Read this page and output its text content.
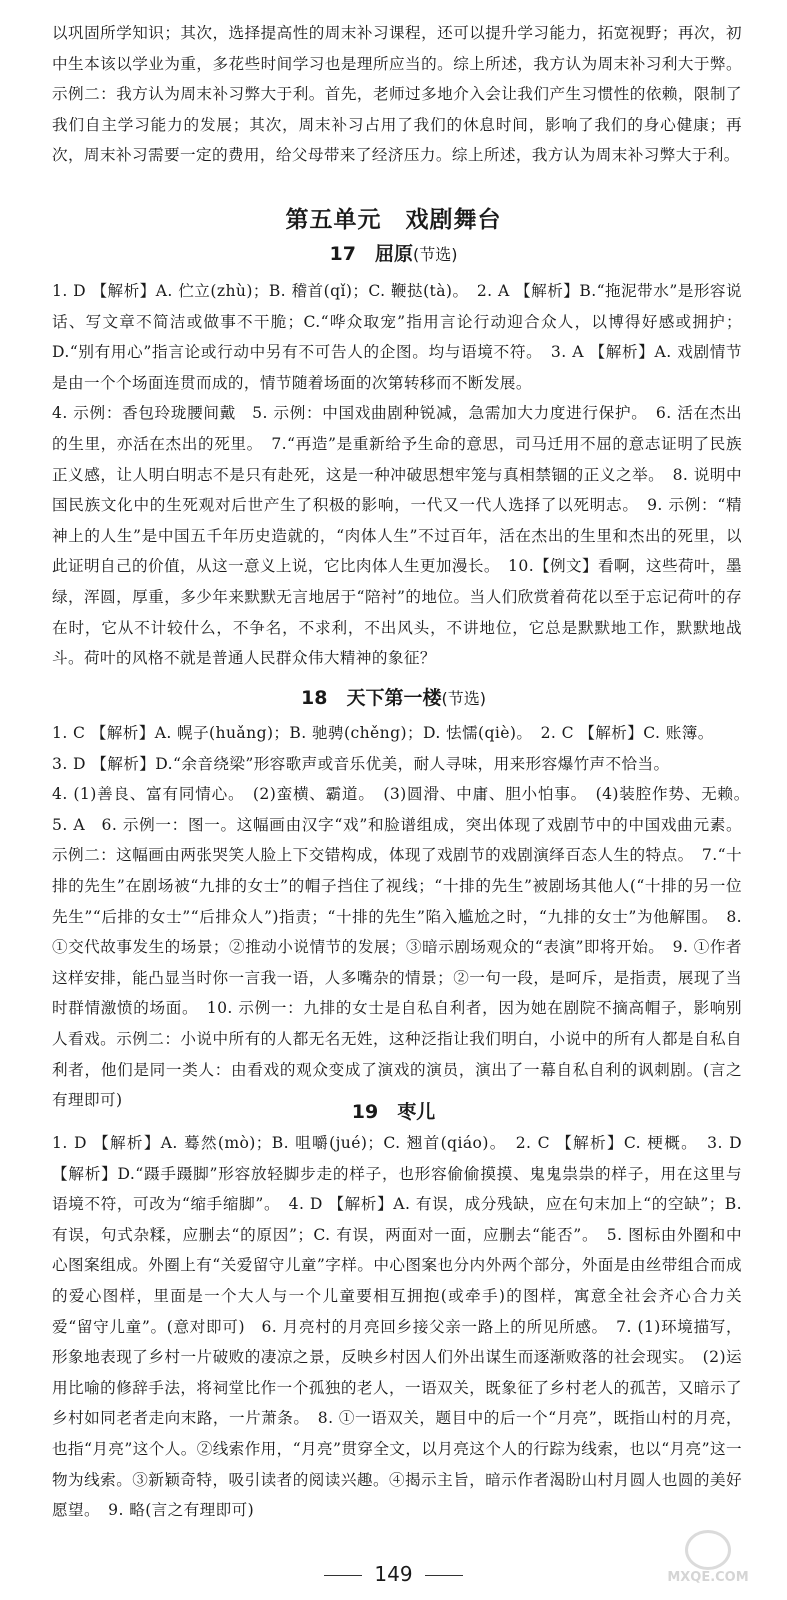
以巩固所学知识；其次，选择提高性的周末补习课程，还可以提升学习能力，拓宽视野；再次，初中生本该以学业为重，多花些时间学习也是理所应当的。综上所述，我方认为周末补习利大于弊。示例二：我方认为周末补习弊大于利。首先，老师过多地介入会让我们产生习惯性的依赖，限制了我们自主学习能力的发展；其次，周末补习占用了我们的休息时间，影响了我们的身心健康；再次，周末补习需要一定的费用，给父母带来了经济压力。综上所述，我方认为周末补习弊大于利。

第五单元　戏剧舞台
17　屈原(节选)

1. D 【解析】A. 伫立(zhù)；B. 稽首(qǐ)；C. 鞭挞(tà)。　2. A 【解析】B.“拖泥带水”是形容说话、写文章不简洁或做事不干脆；C.“哗众取宠”指用言论行动迎合众人，以博得好感或拥护；D.“别有用心”指言论或行动中另有不可告人的企图。均与语境不符。　3. A 【解析】A. 戏剧情节是由一个个场面连贯而成的，情节随着场面的次第转移而不断发展。

4. 示例：香包玲珑腰间戴　5. 示例：中国戏曲剧种锐减，急需加大力度进行保护。　6. 活在杰出的生里，亦活在杰出的死里。　7.“再造”是重新给予生命的意思，司马迁用不屈的意志证明了民族正义感，让人明白明志不是只有赴死，这是一种冲破思想牢笼与真相禁锢的正义之举。　8. 说明中国民族文化中的生死观对后世产生了积极的影响，一代又一代人选择了以死明志。　9. 示例：“精神上的人生”是中国五千年历史造就的，“肉体人生”不过百年，活在杰出的生里和杰出的死里，以此证明自己的价值，从这一意义上说，它比肉体人生更加漫长。　10.【例文】看啊，这些荷叶，墨绿，浑圆，厚重，多少年来默默无言地居于“陪衬”的地位。当人们欣赏着荷花以至于忘记荷叶的存在时，它从不计较什么，不争名，不求利，不出风头，不讲地位，它总是默默地工作，默默地战斗。荷叶的风格不就是普通人民群众伟大精神的象征？

18　天下第一楼(节选)

1. C 【解析】A. 幌子(huǎng)；B. 驰骋(chěng)；D. 怯懦(qiè)。　2. C 【解析】C. 账簿。

3. D 【解析】D.“余音绕梁”形容歌声或音乐优美，耐人寻味，用来形容爆竹声不恰当。

4. (1)善良、富有同情心。　(2)蛮横、霸道。　(3)圆滑、中庸、胆小怕事。　(4)装腔作势、无赖。　5. A　6. 示例一：图一。这幅画由汉字“戏”和脸谱组成，突出体现了戏剧节中的中国戏曲元素。示例二：这幅画由两张哭笑人脸上下交错构成，体现了戏剧节的戏剧演绎百态人生的特点。　7.“十排的先生”在剧场被“九排的女士”的帽子挡住了视线；“十排的先生”被剧场其他人(“十排的另一位先生”“后排的女士”“后排众人”)指责；“十排的先生”陷入尴尬之时，“九排的女士”为他解围。　8. ①交代故事发生的场景；②推动小说情节的发展；③暗示剧场观众的“表演”即将开始。　9. ①作者这样安排，能凸显当时你一言我一语，人多嘴杂的情景；②一句一段，是呵斥，是指责，展现了当时群情激愤的场面。　10. 示例一：九排的女士是自私自利者，因为她在剧院不摘高帽子，影响别人看戏。示例二：小说中所有的人都无名无姓，这种泛指让我们明白，小说中的所有人都是自私自利者，他们是同一类人：由看戏的观众变成了演戏的演员，演出了一幕自私自利的讽刺剧。(言之有理即可)

19　枣儿

1. D 【解析】A. 蓦然(mò)；B. 咀嚼(jué)；C. 翘首(qiáo)。　2. C 【解析】C. 梗概。　3. D 【解析】D.“蹑手蹑脚”形容放轻脚步走的样子，也形容偷偷摸摸、鬼鬼祟祟的样子，用在这里与语境不符，可改为“缩手缩脚”。　4. D 【解析】A. 有误，成分残缺，应在句末加上“的空缺”；B. 有误，句式杂糅，应删去“的原因”；C. 有误，两面对一面，应删去“能否”。　5. 图标由外圈和中心图案组成。外圈上有“关爱留守儿童”字样。中心图案也分内外两个部分，外面是由丝带组合而成的爱心图样，里面是一个大人与一个儿童要相互拥抱(或牵手)的图样，寓意全社会齐心合力关爱“留守儿童”。(意对即可)　6. 月亮村的月亮回乡接父亲一路上的所见所感。　7. (1)环境描写，形象地表现了乡村一片破败的凄凉之景，反映乡村因人们外出谋生而逐渐败落的社会现实。　(2)运用比喻的修辞手法，将祠堂比作一个孤独的老人，一语双关，既象征了乡村老人的孤苦，又暗示了乡村如同老者走向末路，一片萧条。　8. ①一语双关，题目中的后一个“月亮”，既指山村的月亮，也指“月亮”这个人。②线索作用，“月亮”贯穿全文，以月亮这个人的行踪为线索，也以“月亮”这一物为线索。③新颖奇特，吸引读者的阅读兴趣。④揭示主旨，暗示作者渴盼山村月圆人也圆的美好愿望。　9. 略(言之有理即可)

149	MXQE.COM
